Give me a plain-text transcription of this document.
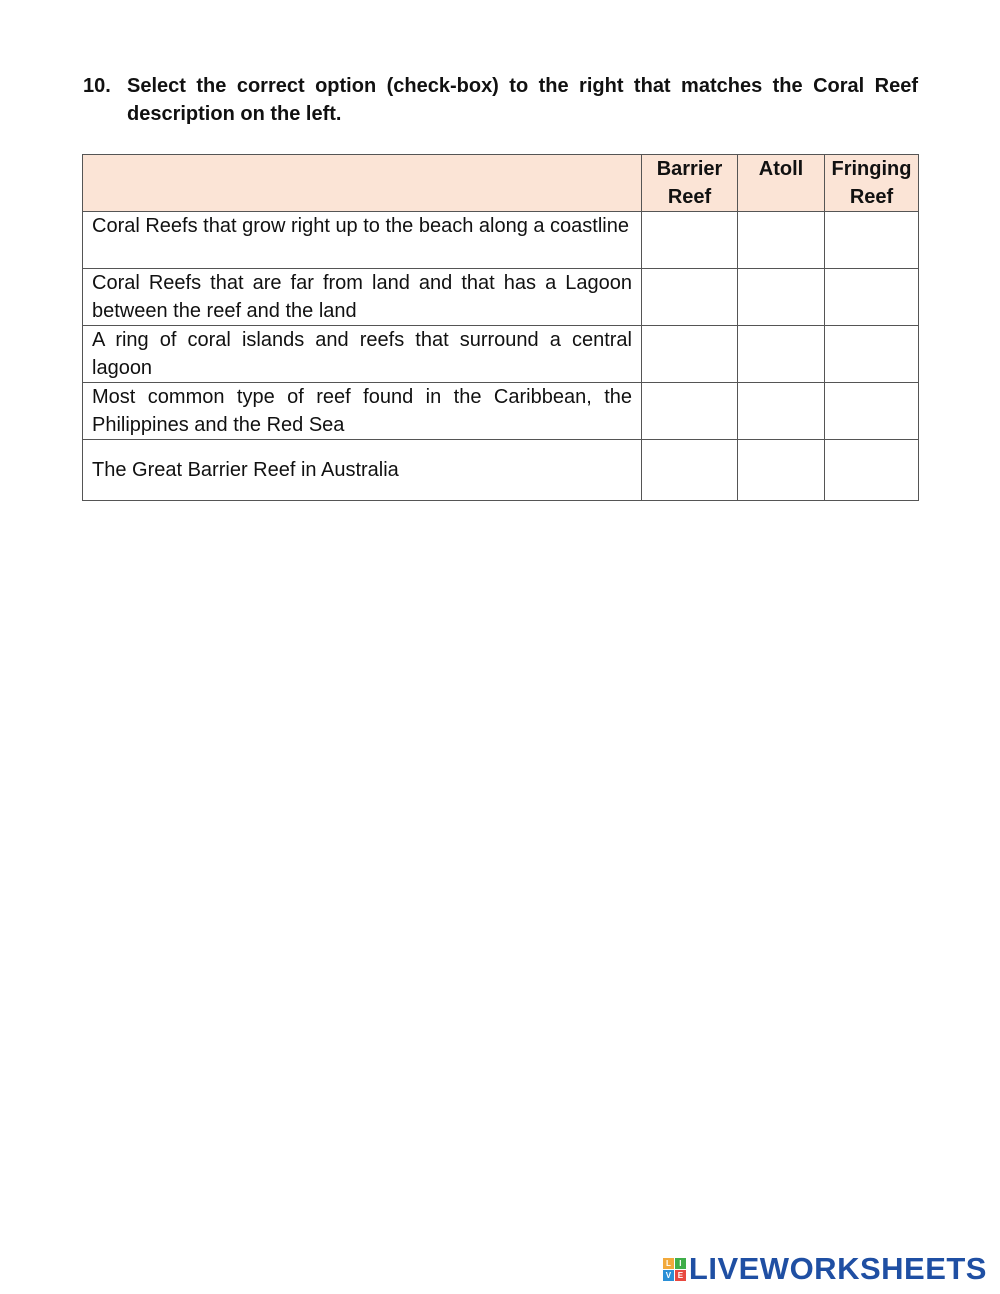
10. Select the correct option (check-box) to the right that matches the Coral Reef description on the left.
	Barrier Reef	Atoll	Fringing Reef
Coral Reefs that grow right up to the beach along a coastline			
Coral Reefs that are far from land and that has a Lagoon between the reef and the land			
A ring of coral islands and reefs that surround a central lagoon			
Most common type of reef found in the Caribbean, the Philippines and the Red Sea			
The Great Barrier Reef in Australia			
L	I
V E LIVEWORKSHEETS
